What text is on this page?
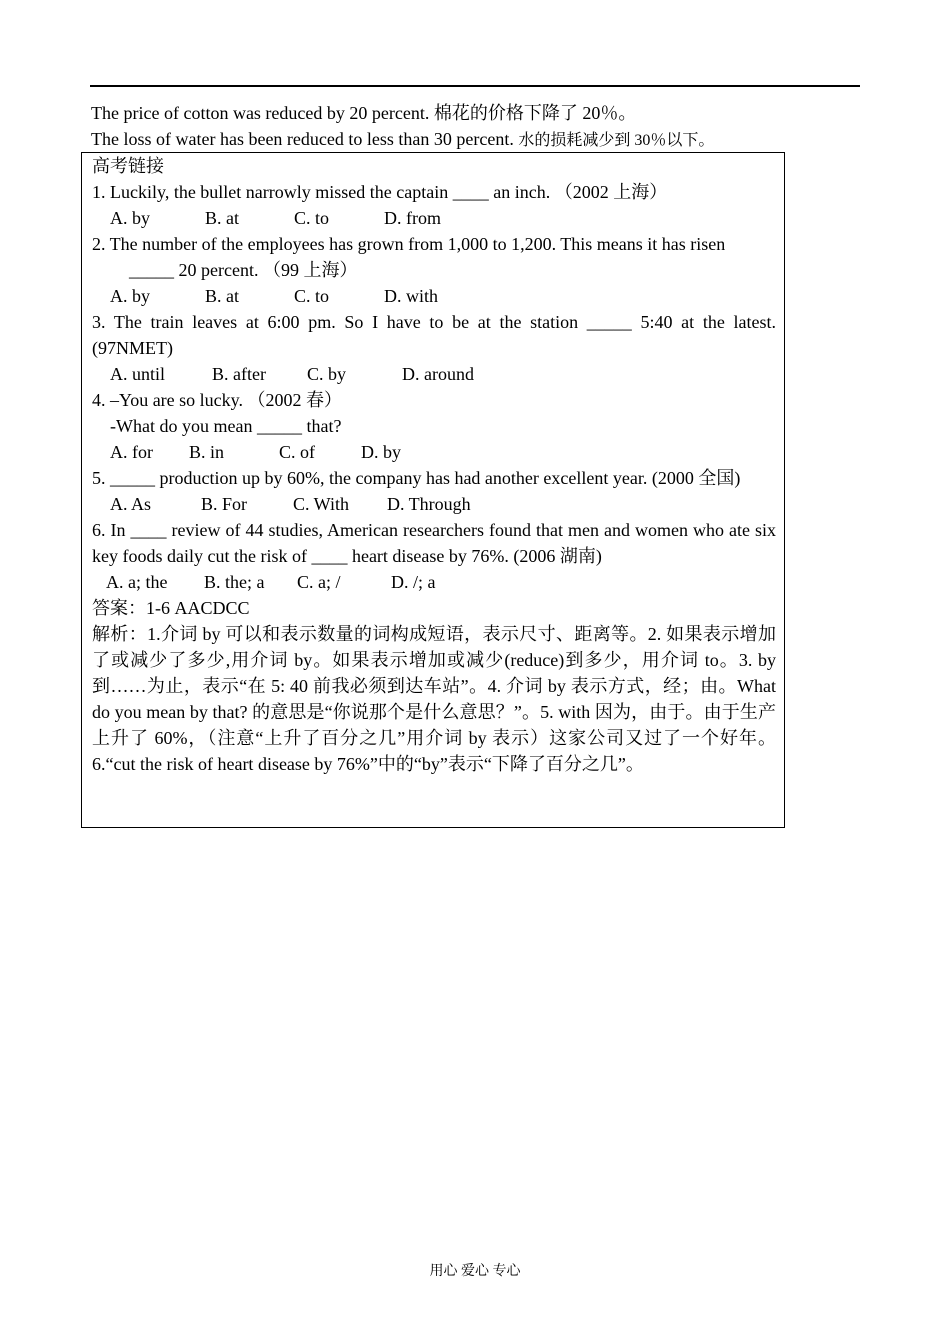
The price of cotton was reduced by 20 percent. 棉花的价格下降了 20％。

The loss of water has been reduced to less than 30 percent. 水的损耗减少到 30％以下。

高考链接

1. Luckily, the bullet narrowly missed the captain ____ an inch. （2002 上海）

A. by	B. at	C. to	D. from

2. The number of the employees has grown from 1,000 to 1,200. This means it has risen

_____ 20 percent. （99 上海）

A. by	B. at	C. to	D. with

3. The train leaves at 6:00 pm. So I have to be at the station _____ 5:40 at the latest. (97NMET)

A. until	B. after C. by	D. around

4. –You are so lucky. （2002 春）

-What do you mean _____ that?

A. for B. in	C. of	D. by

5. _____ production up by 60%, the company has had another excellent year. (2000 全国)

A. As	B. For	C. With D. Through

6. In ____ review of 44 studies, American researchers found that men and women who ate six key foods daily cut the risk of ____ heart disease by 76%. (2006 湖南)

A. a; the B. the; a C. a; /	D. /; a

答案：1-6 AACDCC

解析：1.介词 by 可以和表示数量的词构成短语，表示尺寸、距离等。2. 如果表示增加了或减少了多少,用介词 by。如果表示增加或减少(reduce)到多少，用介词 to。3. by 到……为止，表示“在 5: 40 前我必须到达车站”。4. 介词 by 表示方式，经；由。What do you mean by that? 的意思是“你说那个是什么意思？”。5. with 因为，由于。由于生产上升了 60%，（注意“上升了百分之几”用介词 by 表示）这家公司又过了一个好年。 6.“cut the risk of heart disease by 76%”中的“by”表示“下降了百分之几”。

用心 爱心 专心
